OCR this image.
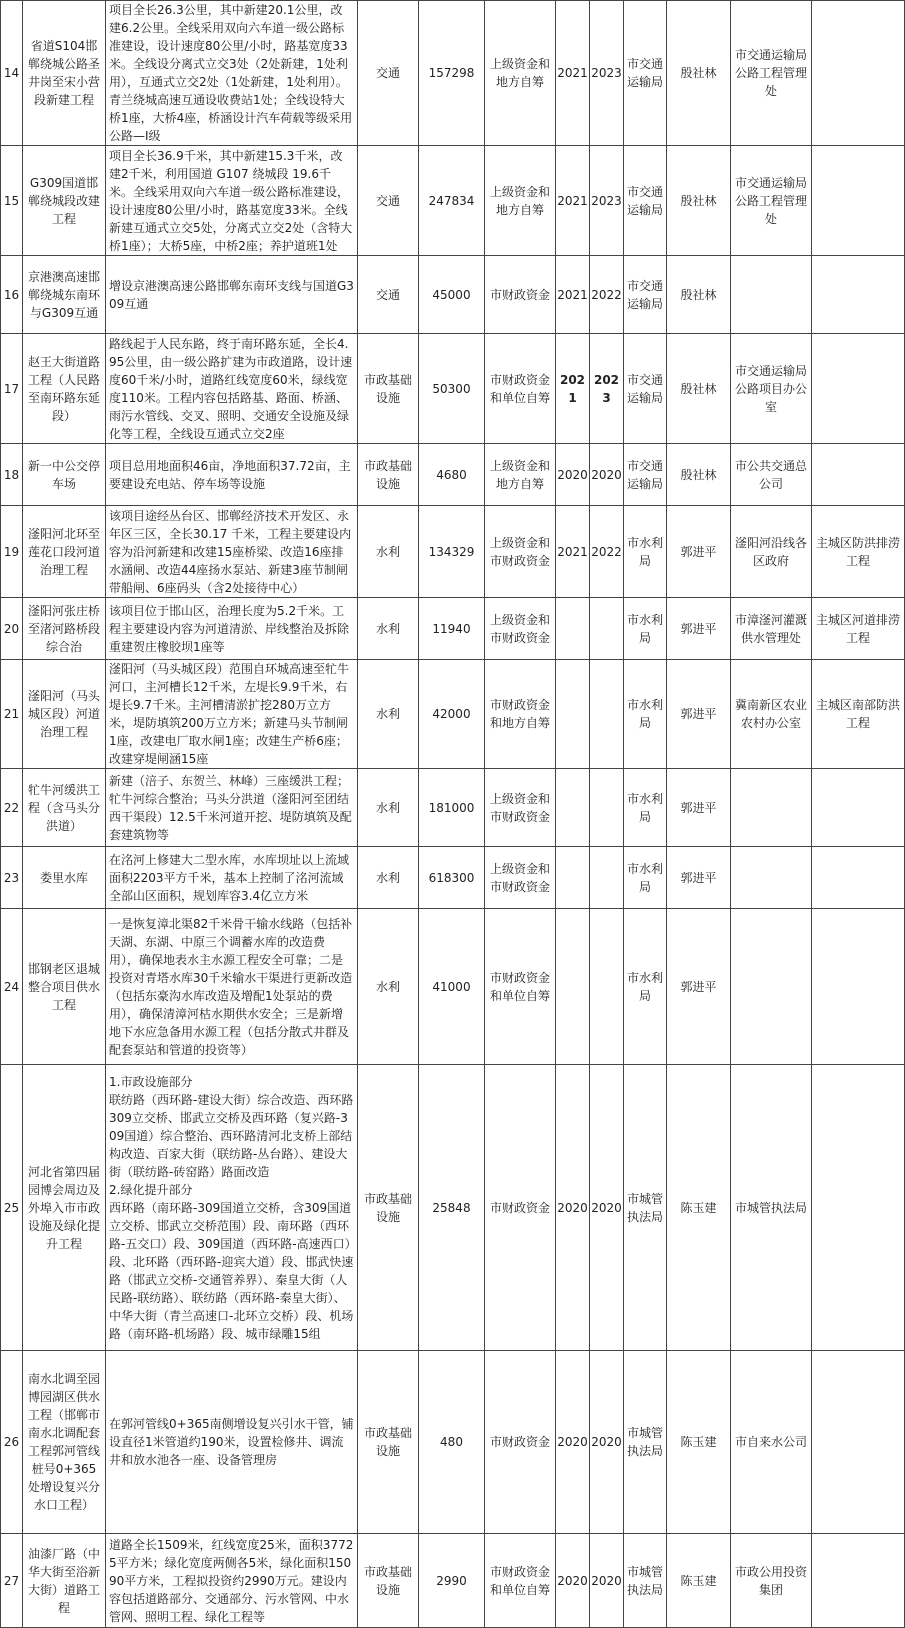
14	省道S104邯郸绕城公路圣井岗至宋小营段新建工程	项目全长26.3公里，其中新建20.1公里，改建6.2公里。全线采用双向六车道一级公路标准建设，设计速度80公里/小时，路基宽度33米。全线设分离式立交3处（2处新建，1处利用），互通式立交2处（1处新建，1处利用）。青兰绕城高速互通设收费站1处；全线设特大桥1座，大桥4座，桥涵设计汽车荷载等级采用公路—I级	交通	157298	上级资金和地方自筹	2021	2023	市交通运输局	殷社林	市交通运输局公路工程管理处	
15	G309国道邯郸绕城段改建工程	项目全长36.9千米，其中新建15.3千米，改建2千米，利用国道 G107 绕城段 19.6千米。全线采用双向六车道一级公路标准建设，设计速度80公里/小时，路基宽度33米。全线新建互通式立交5处，分离式立交2处（含特大桥1座）；大桥5座，中桥2座；养护道班1处	交通	247834	上级资金和地方自筹	2021	2023	市交通运输局	殷社林	市交通运输局公路工程管理处	
16	京港澳高速邯郸绕城东南环与G309互通	增设京港澳高速公路邯郸东南环支线与国道G309互通	交通	45000	市财政资金	2021	2022	市交通运输局	殷社林		
17	赵王大街道路工程（人民路至南环路东延段）	路线起于人民东路，终于南环路东延，全长4.95公里，由一级公路扩建为市政道路，设计速度60千米/小时，道路红线宽度60米，绿线宽度110米。工程内容包括路基、路面、桥涵、雨污水管线、交叉、照明、交通安全设施及绿化等工程，全线设互通式立交2座	市政基础设施	50300	市财政资金和单位自筹	2021	2023	市交通运输局	殷社林	市交通运输局公路项目办公室	
18	新一中公交停车场	项目总用地面积46亩，净地面积37.72亩，主要建设充电站、停车场等设施	市政基础设施	4680	上级资金和地方自筹	2020	2020	市交通运输局	殷社林	市公共交通总公司	
19	滏阳河北环至莲花口段河道治理工程	该项目途经丛台区、邯郸经济技术开发区、永年区三区，全长30.17 千米，工程主要建设内容为沿河新建和改建15座桥梁、改造16座排水涵闸、改造44座扬水泵站、新建3座节制闸带船闸、6座码头（含2处接待中心）	水利	134329	上级资金和市财政资金	2021	2022	市水利局	郭进平	滏阳河沿线各区政府	主城区防洪排涝工程
20	滏阳河张庄桥至渚河路桥段综合治	该项目位于邯山区，治理长度为5.2千米。工程主要建设内容为河道清淤、岸线整治及拆除重建贺庄橡胶坝1座等	水利	11940	上级资金和市财政资金			市水利局	郭进平	市漳滏河灌溉供水管理处	主城区河道排涝工程
21	滏阳河（马头城区段）河道治理工程	滏阳河（马头城区段）范围自环城高速至牤牛河口，主河槽长12千米，左堤长9.9千米，右堤长9.7千米。主河槽清淤扩挖280万立方米，堤防填筑200万立方米；新建马头节制闸1座，改建电厂取水闸1座；改建生产桥6座；改建穿堤闸涵15座	水利	42000	市财政资金和地方自筹			市水利局	郭进平	冀南新区农业农村办公室	主城区南部防洪工程
22	牤牛河缓洪工程（含马头分洪道）	新建（涪子、东贺兰、林峰）三座缓洪工程；牤牛河综合整治；马头分洪道（滏阳河至团结西干渠段）12.5千米河道开挖、堤防填筑及配套建筑物等	水利	181000	上级资金和市财政资金			市水利局	郭进平		
23	娄里水库	在洺河上修建大二型水库，水库坝址以上流域面积2203平方千米，基本上控制了洺河流域全部山区面积，规划库容3.4亿立方米	水利	618300	上级资金和市财政资金			市水利局	郭进平		
24	邯钢老区退城整合项目供水工程	一是恢复漳北渠82千米骨干输水线路（包括补天湖、东湖、中原三个调蓄水库的改造费用），确保地表水主水源工程安全可靠；二是投资对青塔水库30千米输水干渠进行更新改造（包括东豪沟水库改造及增配1处泵站的费用），确保清漳河枯水期供水安全；三是新增地下水应急备用水源工程（包括分散式井群及配套泵站和管道的投资等）	水利	41000	市财政资金和单位自筹			市水利局	郭进平		
25	河北省第四届园博会周边及外埠入市市政设施及绿化提升工程	1.市政设施部分
联纺路（西环路-建设大街）综合改造、西环路309立交桥、邯武立交桥及西环路（复兴路-309国道）综合整治、西环路清河北支桥上部结构改造、百家大街（联纺路-丛台路）、建设大街（联纺路-砖窑路）路面改造
2.绿化提升部分
西环路（南环路-309国道立交桥，含309国道立交桥、邯武立交桥范围）段、南环路（西环路-五交口）段、309国道（西环路-高速西口）段、北环路（西环路-迎宾大道）段、邯武快速路（邯武立交桥-交通管养界）、秦皇大街（人民路-联纺路）、联纺路（西环路-秦皇大街）、中华大街（青兰高速口-北环立交桥）段、机场路（南环路-机场路）段、城市绿雕15组	市政基础设施	25848	市财政资金	2020	2020	市城管执法局	陈玉建	市城管执法局	
26	南水北调至园博园湖区供水工程（邯郸市南水北调配套工程郭河管线桩号0+365处增设复兴分水口工程）	在郭河管线0+365南侧增设复兴引水干管，铺设直径1米管道约190米，设置检修井、调流井和放水池各一座、设备管理房	市政基础设施	480	市财政资金	2020	2020	市城管执法局	陈玉建	市自来水公司	
27	油漆厂路（中华大街至浴新大街）道路工程	道路全长1509米，红线宽度25米，面积37725平方米；绿化宽度两侧各5米，绿化面积15090平方米，工程拟投资约2990万元。建设内容包括道路部分、交通部分、污水管网、中水管网、照明工程、绿化工程等	市政基础设施	2990	市财政资金和单位自筹	2020	2020	市城管执法局	陈玉建	市政公用投资集团	
